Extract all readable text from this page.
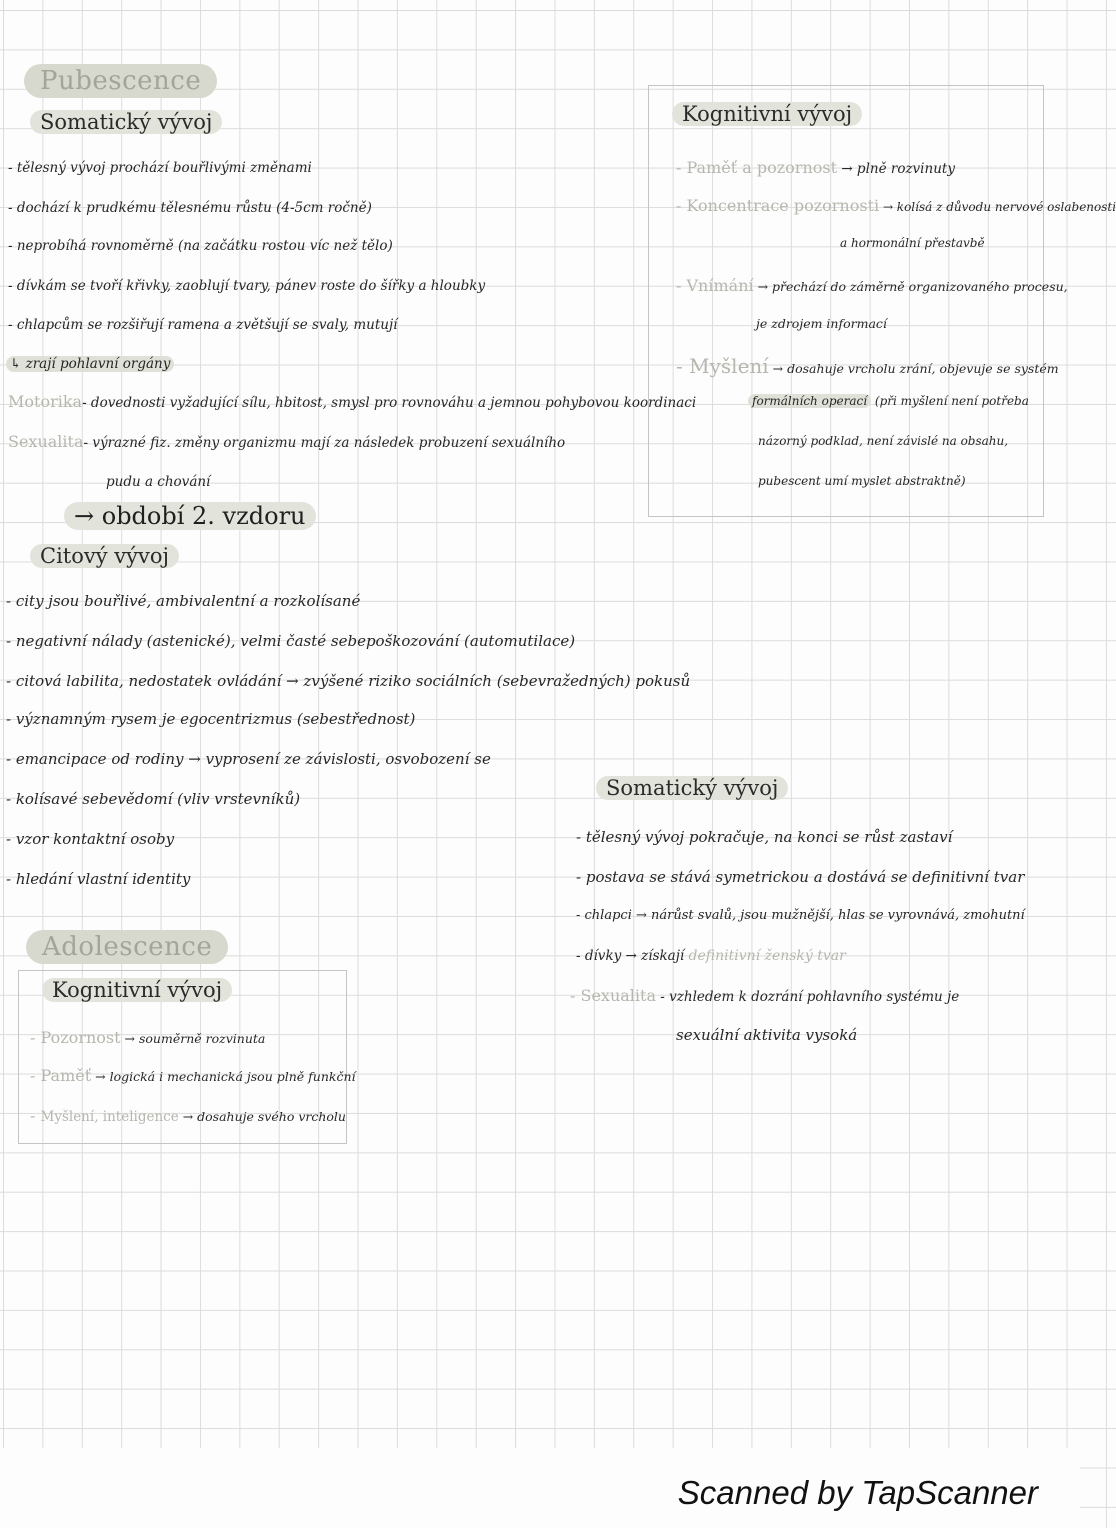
Pubescence
Somatický vývoj
- tělesný vývoj prochází bouřlivými změnami
- dochází k prudkému tělesnému růstu (4-5cm ročně)
- neprobíhá rovnoměrně (na začátku rostou víc než tělo)
- dívkám se tvoří křivky, zaoblují tvary, pánev roste do šířky a hloubky
- chlapcům se rozšiřují ramena a zvětšují se svaly, mutují
↳ zrají pohlavní orgány
Motorika- dovednosti vyžadující sílu, hbitost, smysl pro rovnováhu a jemnou pohybovou koordinaci
Sexualita- výrazné fiz. změny organizmu mají za následek probuzení sexuálního
pudu a chování
→ období 2. vzdoru
Citový vývoj
- city jsou bouřlivé, ambivalentní a rozkolísané
- negativní nálady (astenické), velmi časté sebepoškozování (automutilace)
- citová labilita, nedostatek ovládání → zvýšené riziko sociálních (sebevražedných) pokusů
- významným rysem je egocentrizmus (sebestřednost)
- emancipace od rodiny → vyprosení ze závislosti, osvobození se
- kolísavé sebevědomí (vliv vrstevníků)
- vzor kontaktní osoby
- hledání vlastní identity
Kognitivní vývoj
- Paměť a pozornost → plně rozvinuty
- Koncentrace pozornosti → kolísá z důvodu nervové oslabenosti
a hormonální přestavbě
- Vnímání → přechází do záměrně organizovaného procesu,
je zdrojem informací
- Myšlení → dosahuje vrcholu zrání, objevuje se systém
formálních operací (při myšlení není potřeba
názorný podklad, není závislé na obsahu,
pubescent umí myslet abstraktně)
Adolescence
Kognitivní vývoj
- Pozornost → souměrně rozvinuta
- Paměť → logická i mechanická jsou plně funkční
- Myšlení, inteligence → dosahuje svého vrcholu
Somatický vývoj
- tělesný vývoj pokračuje, na konci se růst zastaví
- postava se stává symetrickou a dostává se definitivní tvar
- chlapci → nárůst svalů, jsou mužnější, hlas se vyrovnává, zmohutní
- dívky → získají definitivní ženský tvar
- Sexualita - vzhledem k dozrání pohlavního systému je
sexuální aktivita vysoká
Scanned by TapScanner
